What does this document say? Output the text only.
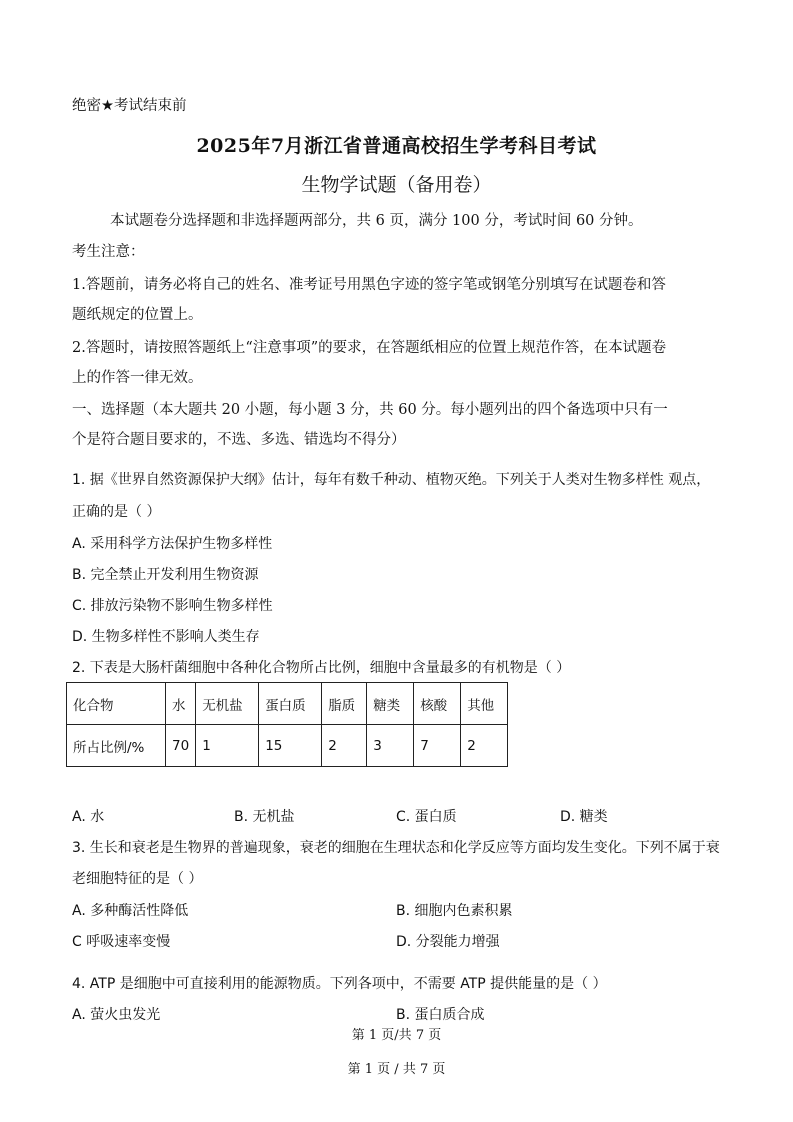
绝密★考试结束前
2025年7月浙江省普通高校招生学考科目考试
生物学试题（备用卷）
本试题卷分选择题和非选择题两部分，共 6 页，满分 100 分，考试时间 60 分钟。
考生注意：
1.答题前，请务必将自己的姓名、准考证号用黑色字迹的签字笔或钢笔分别填写在试题卷和答
题纸规定的位置上。
2.答题时，请按照答题纸上“注意事项”的要求，在答题纸相应的位置上规范作答，在本试题卷
上的作答一律无效。
一、选择题（本大题共 20 小题，每小题 3 分，共 60 分。每小题列出的四个备选项中只有一
个是符合题目要求的，不选、多选、错选均不得分）
1. 据《世界自然资源保护大纲》估计，每年有数千种动、植物灭绝。下列关于人类对生物多样性 观点，
正确的是（ ）
A. 采用科学方法保护生物多样性
B. 完全禁止开发利用生物资源
C. 排放污染物不影响生物多样性
D. 生物多样性不影响人类生存
2. 下表是大肠杆菌细胞中各种化合物所占比例，细胞中含量最多的有机物是（ ）
化合物	水	无机盐	蛋白质	脂质	糖类	核酸	其他
所占比例/%	70	1	15	2	3	7	2
A. 水	B. 无机盐	C. 蛋白质	D. 糖类
3. 生长和衰老是生物界的普遍现象，衰老的细胞在生理状态和化学反应等方面均发生变化。下列不属于衰
老细胞特征的是（ ）
A. 多种酶活性降低	B. 细胞内色素积累
C 呼吸速率变慢	D. 分裂能力增强
4. ATP 是细胞中可直接利用的能源物质。下列各项中，不需要 ATP 提供能量的是（ ）
A. 萤火虫发光	B. 蛋白质合成
第 1 页/共 7 页
第 1 页 / 共 7 页
